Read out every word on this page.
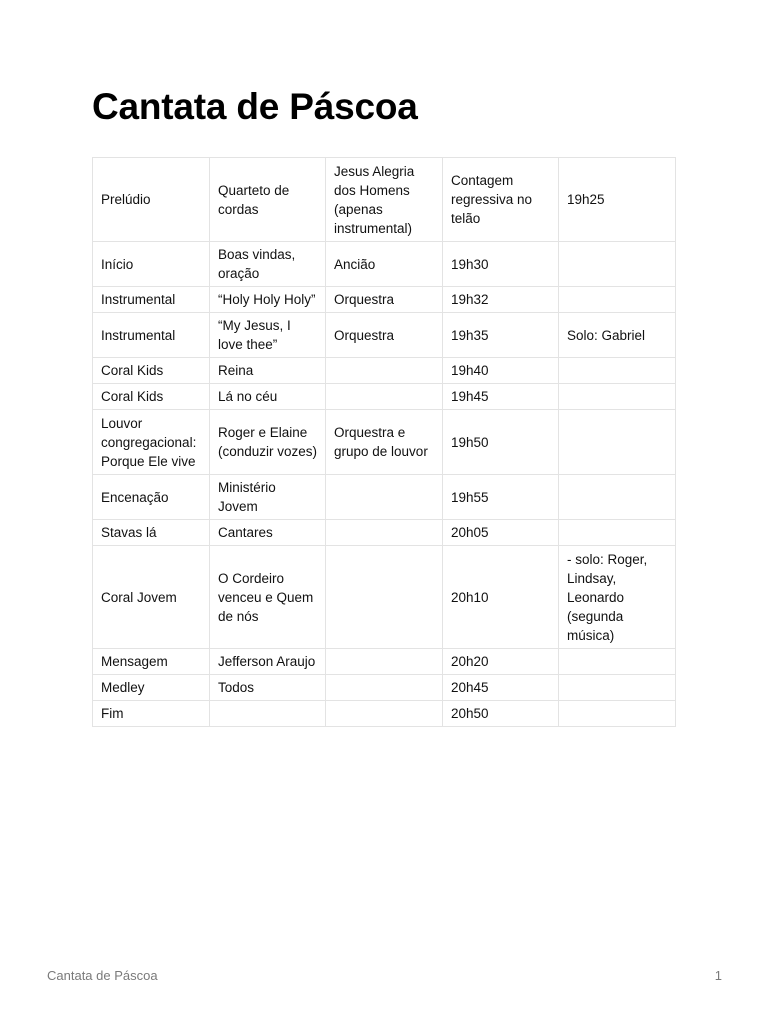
Cantata de Páscoa
Prelúdio	Quarteto de cordas	Jesus Alegria dos Homens (apenas instrumental)	Contagem regressiva no telão	19h25
Início	Boas vindas, oração	Ancião	19h30	
Instrumental	“Holy Holy Holy”	Orquestra	19h32	
Instrumental	“My Jesus, I love thee”	Orquestra	19h35	Solo: Gabriel
Coral Kids	Reina		19h40	
Coral Kids	Lá no céu		19h45	
Louvor congregacional: Porque Ele vive	Roger e Elaine (conduzir vozes)	Orquestra e grupo de louvor	19h50	
Encenação	Ministério Jovem		19h55	
Stavas lá	Cantares		20h05	
Coral Jovem	O Cordeiro venceu e Quem de nós		20h10	- solo: Roger, Lindsay, Leonardo (segunda música)
Mensagem	Jefferson Araujo		20h20	
Medley	Todos		20h45	
Fim			20h50	
Cantata de Páscoa	1
